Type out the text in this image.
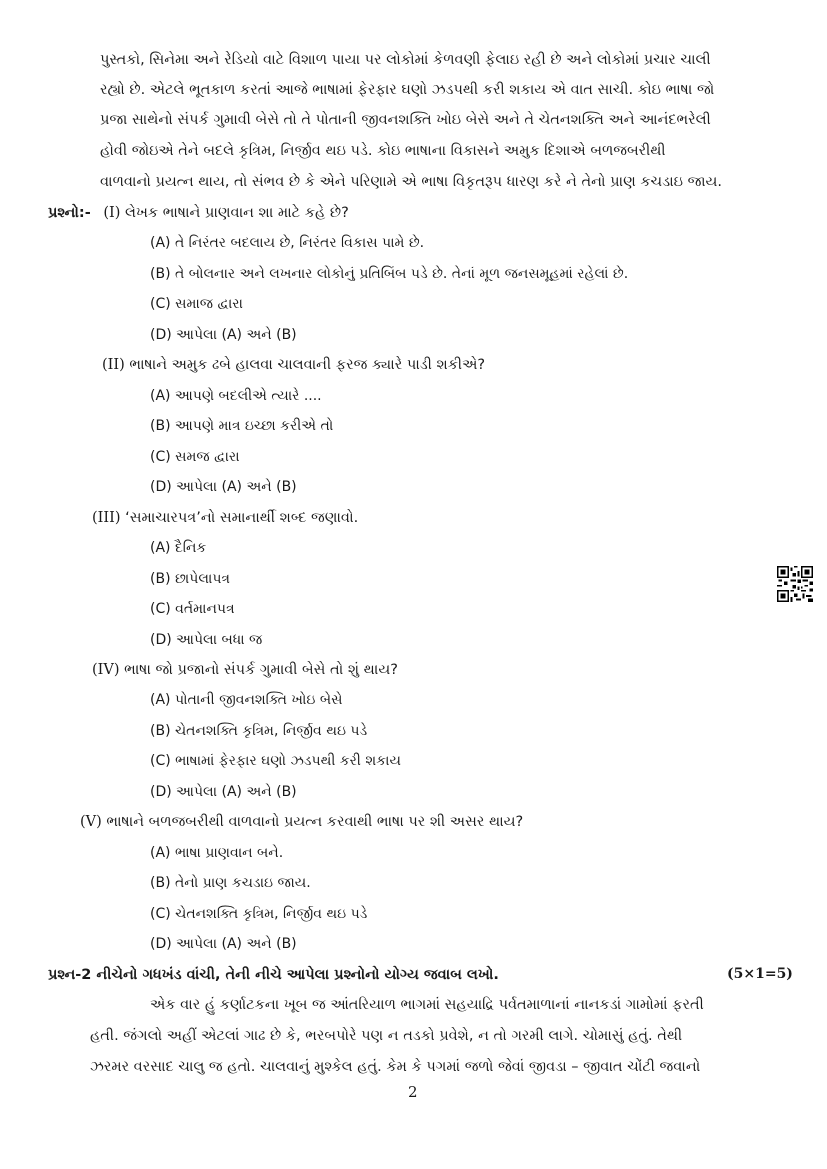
પુસ્તકો, સિનેમા અને રેડિયો વાટે વિશાળ પાયા પર લોકોમાં કેળવણી ફેલાઇ રહી છે અને લોકોમાં પ્રચાર ચાલી
રહ્યો છે. એટલે ભૂતકાળ કરતાં આજે ભાષામાં ફેરફાર ઘણો ઝડપથી કરી શકાય એ વાત સાચી. કોઇ ભાષા જો
પ્રજા સાથેનો સંપર્ક ગુમાવી બેસે તો તે પોતાની જીવનશક્તિ ખોઇ બેસે અને તે ચેતનશક્તિ અને આનંદભરેલી
હોવી જોઇએ તેને બદલે કૃત્રિમ, નિર્જીવ થઇ પડે. કોઇ ભાષાના વિકાસને અમુક દિશાએ બળજબરીથી
વાળવાનો પ્રયત્ન થાય, તો સંભવ છે કે એને પરિણામે એ ભાષા વિકૃતરૂપ ધારણ કરે ને તેનો પ્રાણ કચડાઇ જાય.
પ્રશ્નો:- (I) લેખક ભાષાને પ્રાણવાન શા માટે કહે છે?
(A) તે નિરંતર બદલાય છે, નિરંતર વિકાસ પામે છે.
(B) તે બોલનાર અને લખનાર લોકોનું પ્રતિબિંબ પડે છે. તેનાં મૂળ જનસમૂહમાં રહેલાં છે.
(C) સમાજ દ્વારા
(D) આપેલા (A) અને (B)
(II) ભાષાને અમુક ઢબે હાલવા ચાલવાની ફરજ ક્યારે પાડી શકીએ?
(A) આપણે બદલીએ ત્યારે ....
(B) આપણે માત્ર ઇચ્છા કરીએ તો
(C) સમજ દ્વારા
(D) આપેલા (A) અને (B)
(III) ‘સમાચારપત્ર’નો સમાનાર્થી શબ્દ જણાવો.
(A) દૈનિક
(B) છાપેલાપત્ર
(C) વર્તમાનપત્ર
(D) આપેલા બધા જ
(IV) ભાષા જો પ્રજાનો સંપર્ક ગુમાવી બેસે તો શું થાય?
(A) પોતાની જીવનશક્તિ ખોઇ બેસે
(B) ચેતનશક્તિ કૃત્રિમ, નિર્જીવ થઇ પડે
(C) ભાષામાં ફેરફાર ઘણો ઝડપથી કરી શકાય
(D) આપેલા (A) અને (B)
(V) ભાષાને બળજબરીથી વાળવાનો પ્રયત્ન કરવાથી ભાષા પર શી અસર થાય?
(A) ભાષા પ્રાણવાન બને.
(B) તેનો પ્રાણ કચડાઇ જાય.
(C) ચેતનશક્તિ કૃત્રિમ, નિર્જીવ થઇ પડે
(D) આપેલા (A) અને (B)
પ્રશ્ન-2 નીચેનો ગધખંડ વાંચી, તેની નીચે આપેલા પ્રશ્નોનો યોગ્ય જવાબ લખો.	(5×1=5)
એક વાર હું કર્ણાટકના ખૂબ જ આંતરિયાળ ભાગમાં સહયાદ્રિ પર્વતમાળાનાં નાનકડાં ગામોમાં ફરતી
હતી. જંગલો અહીં એટલાં ગાઢ છે કે, ભરબપોરે પણ ન તડકો પ્રવેશે, ન તો ગરમી લાગે. ચોમાસું હતું. તેથી
ઝરમર વરસાદ ચાલુ જ હતો. ચાલવાનું મુશ્કેલ હતું. કેમ કે પગમાં જળો જેવાં જીવડા – જીવાત ચોંટી જવાનો
2
